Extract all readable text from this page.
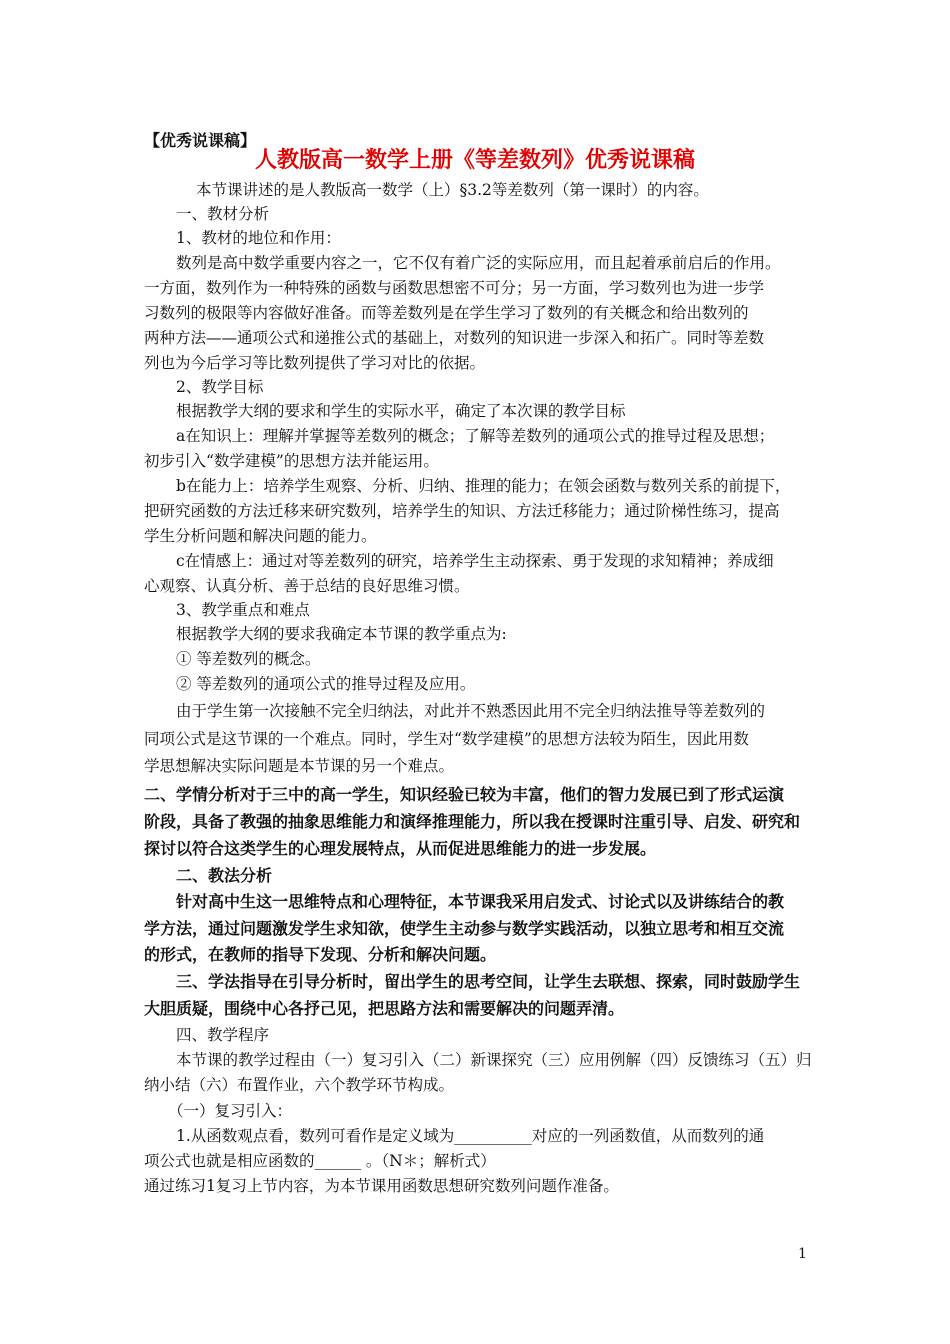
【优秀说课稿】
人教版高一数学上册《等差数列》优秀说课稿
本节课讲述的是人教版高一数学（上）§3.2等差数列（第一课时）的内容。
一、教材分析
1、教材的地位和作用：
数列是高中数学重要内容之一，它不仅有着广泛的实际应用，而且起着承前启后的作用。
一方面，数列作为一种特殊的函数与函数思想密不可分；另一方面，学习数列也为进一步学
习数列的极限等内容做好准备。而等差数列是在学生学习了数列的有关概念和给出数列的
两种方法——通项公式和递推公式的基础上，对数列的知识进一步深入和拓广。同时等差数
列也为今后学习等比数列提供了学习对比的依据。
2、教学目标
根据教学大纲的要求和学生的实际水平，确定了本次课的教学目标
a在知识上：理解并掌握等差数列的概念；了解等差数列的通项公式的推导过程及思想；
初步引入“数学建模”的思想方法并能运用。
b在能力上：培养学生观察、分析、归纳、推理的能力；在领会函数与数列关系的前提下，
把研究函数的方法迁移来研究数列，培养学生的知识、方法迁移能力；通过阶梯性练习，提高
学生分析问题和解决问题的能力。
c在情感上：通过对等差数列的研究，培养学生主动探索、勇于发现的求知精神；养成细
心观察、认真分析、善于总结的良好思维习惯。
3、教学重点和难点
根据教学大纲的要求我确定本节课的教学重点为:
① 等差数列的概念。
② 等差数列的通项公式的推导过程及应用。
由于学生第一次接触不完全归纳法，对此并不熟悉因此用不完全归纳法推导等差数列的
同项公式是这节课的一个难点。同时，学生对“数学建模”的思想方法较为陌生，因此用数
学思想解决实际问题是本节课的另一个难点。
二、学情分析对于三中的高一学生，知识经验已较为丰富，他们的智力发展已到了形式运演
阶段，具备了教强的抽象思维能力和演绎推理能力，所以我在授课时注重引导、启发、研究和
探讨以符合这类学生的心理发展特点，从而促进思维能力的进一步发展。
二、教法分析
针对高中生这一思维特点和心理特征，本节课我采用启发式、讨论式以及讲练结合的教
学方法，通过问题激发学生求知欲，使学生主动参与数学实践活动，以独立思考和相互交流
的形式，在教师的指导下发现、分析和解决问题。
三、学法指导在引导分析时，留出学生的思考空间，让学生去联想、探索，同时鼓励学生
大胆质疑，围绕中心各抒己见，把思路方法和需要解决的问题弄清。
四、教学程序
本节课的教学过程由（一）复习引入（二）新课探究（三）应用例解（四）反馈练习（五）归
纳小结（六）布置作业，六个教学环节构成。
（一）复习引入：
1.从函数观点看，数列可看作是定义域为__________对应的一列函数值，从而数列的通
项公式也就是相应函数的______ 。（N＊；解析式）
通过练习1复习上节内容，为本节课用函数思想研究数列问题作准备。
1
